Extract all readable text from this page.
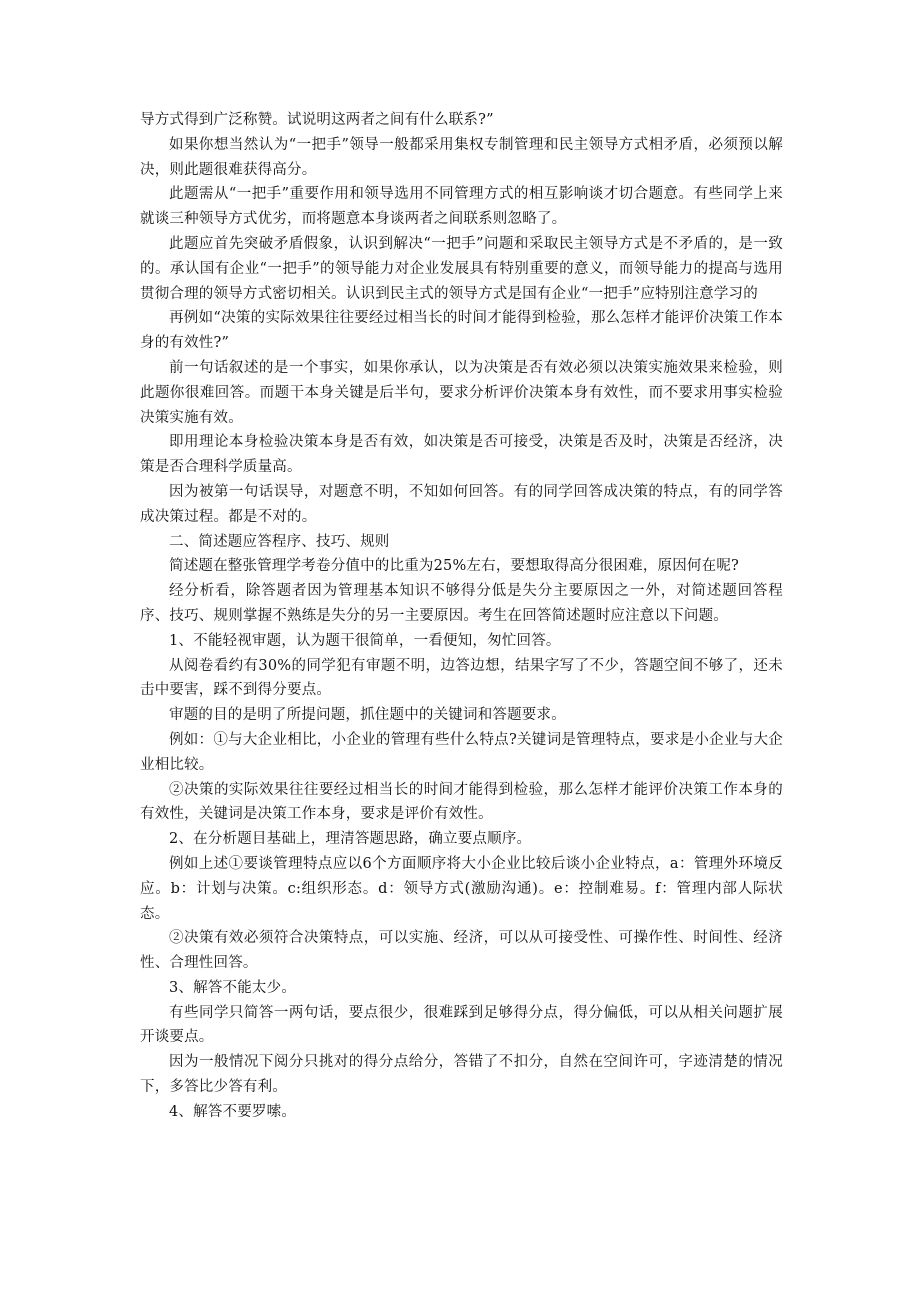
导方式得到广泛称赞。试说明这两者之间有什么联系?”

如果你想当然认为“一把手”领导一般都采用集权专制管理和民主领导方式相矛盾，必须预以解决，则此题很难获得高分。

此题需从“一把手”重要作用和领导选用不同管理方式的相互影响谈才切合题意。有些同学上来就谈三种领导方式优劣，而将题意本身谈两者之间联系则忽略了。

此题应首先突破矛盾假象，认识到解决“一把手”问题和采取民主领导方式是不矛盾的，是一致的。承认国有企业“一把手”的领导能力对企业发展具有特别重要的意义，而领导能力的提高与选用贯彻合理的领导方式密切相关。认识到民主式的领导方式是国有企业“一把手”应特别注意学习的

再例如“决策的实际效果往往要经过相当长的时间才能得到检验，那么怎样才能评价决策工作本身的有效性?”

前一句话叙述的是一个事实，如果你承认，以为决策是否有效必须以决策实施效果来检验，则此题你很难回答。而题干本身关键是后半句，要求分析评价决策本身有效性，而不要求用事实检验决策实施有效。

即用理论本身检验决策本身是否有效，如决策是否可接受，决策是否及时，决策是否经济，决策是否合理科学质量高。

因为被第一句话误导，对题意不明，不知如何回答。有的同学回答成决策的特点，有的同学答成决策过程。都是不对的。

二、简述题应答程序、技巧、规则

简述题在整张管理学考卷分值中的比重为25%左右，要想取得高分很困难，原因何在呢?

经分析看，除答题者因为管理基本知识不够得分低是失分主要原因之一外，对简述题回答程序、技巧、规则掌握不熟练是失分的另一主要原因。考生在回答简述题时应注意以下问题。

1、不能轻视审题，认为题干很简单，一看便知，匆忙回答。

从阅卷看约有30%的同学犯有审题不明，边答边想，结果字写了不少，答题空间不够了，还未击中要害，踩不到得分要点。

审题的目的是明了所提问题，抓住题中的关键词和答题要求。

例如：①与大企业相比，小企业的管理有些什么特点?关键词是管理特点，要求是小企业与大企业相比较。

②决策的实际效果往往要经过相当长的时间才能得到检验，那么怎样才能评价决策工作本身的有效性，关键词是决策工作本身，要求是评价有效性。

2、在分析题目基础上，理清答题思路，确立要点顺序。

例如上述①要谈管理特点应以6个方面顺序将大小企业比较后谈小企业特点，a：管理外环境反应。b：计划与决策。c:组织形态。d：领导方式(激励沟通)。e：控制难易。f：管理内部人际状态。

②决策有效必须符合决策特点，可以实施、经济，可以从可接受性、可操作性、时间性、经济性、合理性回答。

3、解答不能太少。

有些同学只简答一两句话，要点很少，很难踩到足够得分点，得分偏低，可以从相关问题扩展开谈要点。

因为一般情况下阅分只挑对的得分点给分，答错了不扣分，自然在空间许可，字迹清楚的情况下，多答比少答有利。

4、解答不要罗嗦。
